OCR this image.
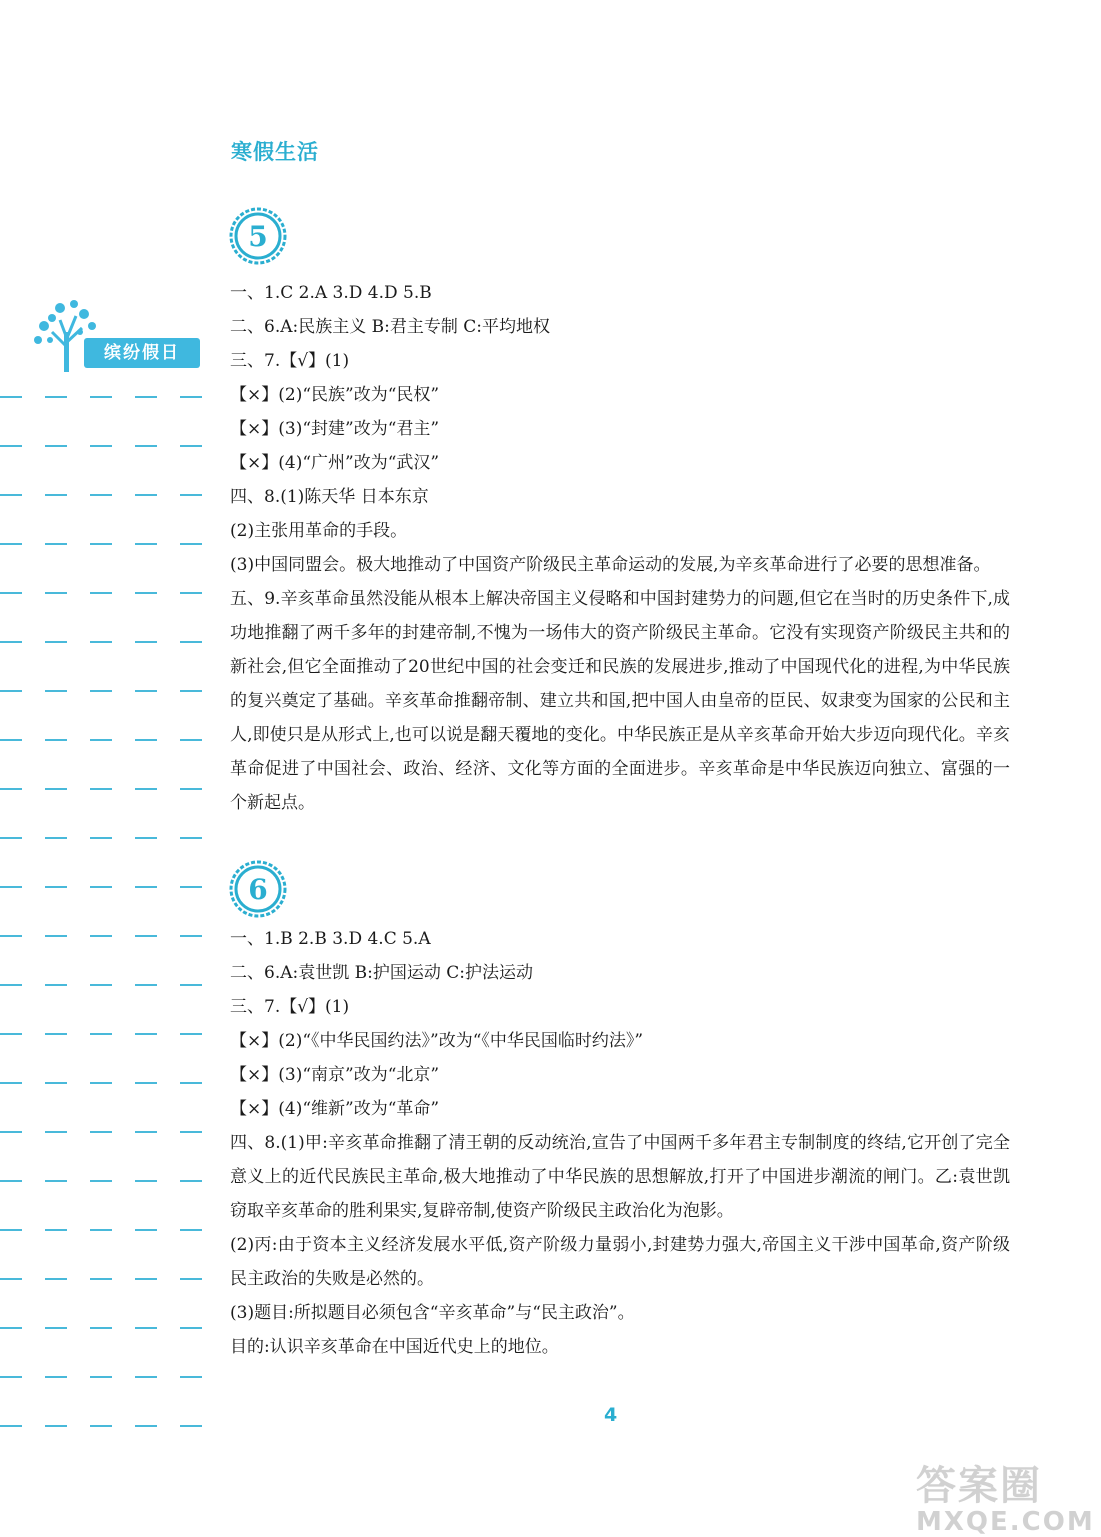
寒假生活
缤纷假日
5
6
一、1.C 2.A 3.D 4.D 5.B
二、6.A:民族主义 B:君主专制 C:平均地权
三、7.【√】(1)
【×】(2)“民族”改为“民权”
【×】(3)“封建”改为“君主”
【×】(4)“广州”改为“武汉”
四、8.(1)陈天华 日本东京
(2)主张用革命的手段。
(3)中国同盟会。极大地推动了中国资产阶级民主革命运动的发展,为辛亥革命进行了必要的思想准备。
五、9.辛亥革命虽然没能从根本上解决帝国主义侵略和中国封建势力的问题,但它在当时的历史条件下,成功地推翻了两千多年的封建帝制,不愧为一场伟大的资产阶级民主革命。它没有实现资产阶级民主共和的新社会,但它全面推动了20世纪中国的社会变迁和民族的发展进步,推动了中国现代化的进程,为中华民族的复兴奠定了基础。辛亥革命推翻帝制、建立共和国,把中国人由皇帝的臣民、奴隶变为国家的公民和主人,即使只是从形式上,也可以说是翻天覆地的变化。中华民族正是从辛亥革命开始大步迈向现代化。辛亥革命促进了中国社会、政治、经济、文化等方面的全面进步。辛亥革命是中华民族迈向独立、富强的一个新起点。
一、1.B 2.B 3.D 4.C 5.A
二、6.A:袁世凯 B:护国运动 C:护法运动
三、7.【√】(1)
【×】(2)“《中华民国约法》”改为“《中华民国临时约法》”
【×】(3)“南京”改为“北京”
【×】(4)“维新”改为“革命”
四、8.(1)甲:辛亥革命推翻了清王朝的反动统治,宣告了中国两千多年君主专制制度的终结,它开创了完全意义上的近代民族民主革命,极大地推动了中华民族的思想解放,打开了中国进步潮流的闸门。乙:袁世凯窃取辛亥革命的胜利果实,复辟帝制,使资产阶级民主政治化为泡影。
(2)丙:由于资本主义经济发展水平低,资产阶级力量弱小,封建势力强大,帝国主义干涉中国革命,资产阶级民主政治的失败是必然的。
(3)题目:所拟题目必须包含“辛亥革命”与“民主政治”。
目的:认识辛亥革命在中国近代史上的地位。
4
答案圈
MXQE.COM
